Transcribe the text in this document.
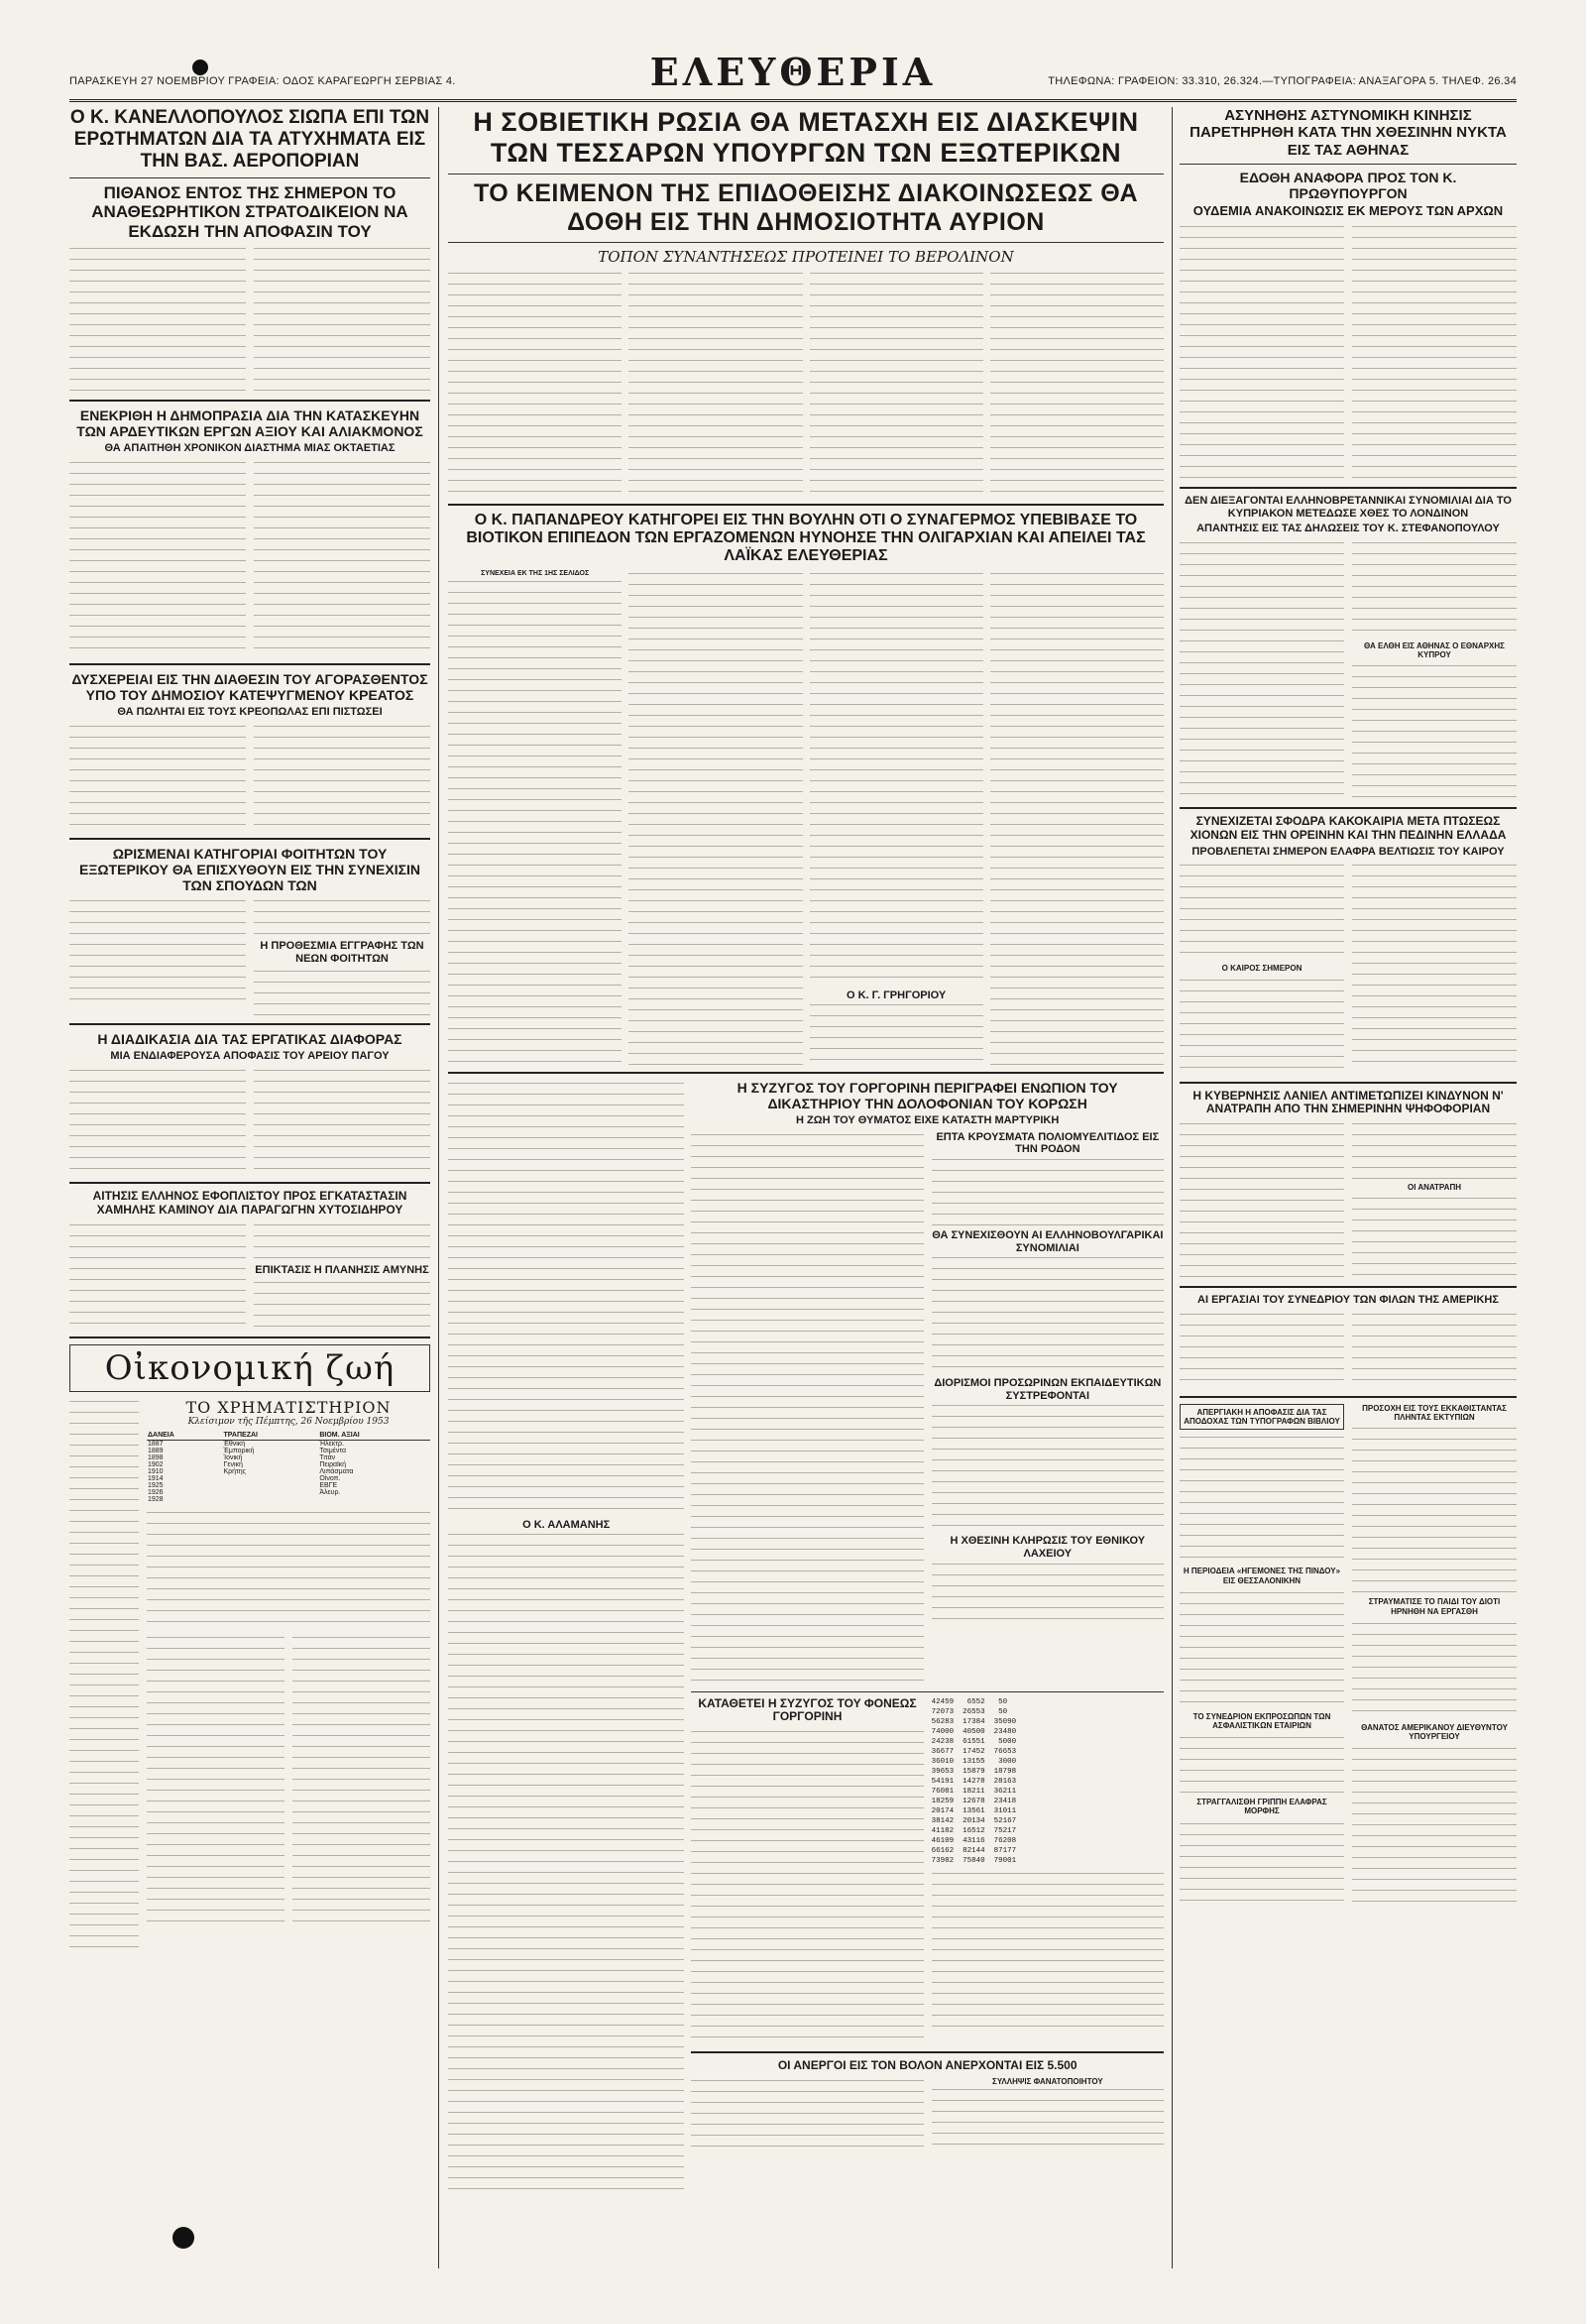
ΠΑΡΑΣΚΕΥΗ 27 ΝΟΕΜΒΡΙΟΥ ΓΡΑΦΕΙΑ: ΟΔΟΣ ΚΑΡΑΓΕΩΡΓΗ ΣΕΡΒΙΑΣ 4.	ΕΛΕΥΘΕΡΙΑ	ΤΗΛΕΦΩΝΑ: ΓΡΑΦΕΙΟΝ: 33.310, 26.324.—ΤΥΠΟΓΡΑΦΕΙΑ: ΑΝΑΞΑΓΟΡΑ 5. ΤΗΛΕΦ. 26.34

Ο Κ. ΚΑΝΕΛΛΟΠΟΥΛΟΣ ΣΙΩΠΑ ΕΠΙ ΤΩΝ ΕΡΩΤΗΜΑΤΩΝ ΔΙΑ ΤΑ ΑΤΥΧΗΜΑΤΑ ΕΙΣ ΤΗΝ ΒΑΣ. ΑΕΡΟΠΟΡΙΑΝ

ΠΙΘΑΝΟΣ ΕΝΤΟΣ ΤΗΣ ΣΗΜΕΡΟΝ ΤΟ ΑΝΑΘΕΩΡΗΤΙΚΟΝ ΣΤΡΑΤΟΔΙΚΕΙΟΝ ΝΑ ΕΚΔΩΣΗ ΤΗΝ ΑΠΟΦΑΣΙΝ ΤΟΥ

ΕΝΕΚΡΙΘΗ Η ΔΗΜΟΠΡΑΣΙΑ ΔΙΑ ΤΗΝ ΚΑΤΑΣΚΕΥΗΝ ΤΩΝ ΑΡΔΕΥΤΙΚΩΝ ΕΡΓΩΝ ΑΞΙΟΥ ΚΑΙ ΑΛΙΑΚΜΟΝΟΣ

ΘΑ ΑΠΑΙΤΗΘΗ ΧΡΟΝΙΚΟΝ ΔΙΑΣΤΗΜΑ ΜΙΑΣ ΟΚΤΑΕΤΙΑΣ

ΔΥΣΧΕΡΕΙΑΙ ΕΙΣ ΤΗΝ ΔΙΑΘΕΣΙΝ ΤΟΥ ΑΓΟΡΑΣΘΕΝΤΟΣ ΥΠΟ ΤΟΥ ΔΗΜΟΣΙΟΥ ΚΑΤΕΨΥΓΜΕΝΟΥ ΚΡΕΑΤΟΣ

ΘΑ ΠΩΛΗΤΑΙ ΕΙΣ ΤΟΥΣ ΚΡΕΟΠΩΛΑΣ ΕΠΙ ΠΙΣΤΩΣΕΙ

ΩΡΙΣΜΕΝΑΙ ΚΑΤΗΓΟΡΙΑΙ ΦΟΙΤΗΤΩΝ ΤΟΥ ΕΞΩΤΕΡΙΚΟΥ ΘΑ ΕΠΙΣΧΥΘΟΥΝ ΕΙΣ ΤΗΝ ΣΥΝΕΧΙΣΙΝ ΤΩΝ ΣΠΟΥΔΩΝ ΤΩΝ

Η ΠΡΟΘΕΣΜΙΑ ΕΓΓΡΑΦΗΣ ΤΩΝ ΝΕΩΝ ΦΟΙΤΗΤΩΝ

Η ΔΙΑΔΙΚΑΣΙΑ ΔΙΑ ΤΑΣ ΕΡΓΑΤΙΚΑΣ ΔΙΑΦΟΡΑΣ

ΜΙΑ ΕΝΔΙΑΦΕΡΟΥΣΑ ΑΠΟΦΑΣΙΣ ΤΟΥ ΑΡΕΙΟΥ ΠΑΓΟΥ

ΑΙΤΗΣΙΣ ΕΛΛΗΝΟΣ ΕΦΟΠΛΙΣΤΟΥ ΠΡΟΣ ΕΓΚΑΤΑΣΤΑΣΙΝ ΧΑΜΗΛΗΣ ΚΑΜΙΝΟΥ ΔΙΑ ΠΑΡΑΓΩΓΗΝ ΧΥΤΟΣΙΔΗΡΟΥ

ΕΠΙΚΤΑΣΙΣ Η ΠΛΑΝΗΣΙΣ ΑΜΥΝΗΣ

Οἰκονομική ζωή
ΤΟ ΧΡΗΜΑΤΙΣΤΗΡΙΟΝ
Κλείσιμον τῆς Πέμπτης, 26 Νοεμβρίου 1953
ΔΑΝΕΙΑ	ΤΡΑΠΕΖΑΙ	ΒΙΟΜ. ΑΞΙΑΙ
1887	Ἐθνική	Ἠλεκτρ.
1889	Ἐμπορική	Τσιμέντα
1898	Ἰονική	Τιτάν
1902	Γενική	Πειραϊκή
1910	Κρήτης	Λιπάσματα
1914		Οἰνοπ.
1925		ΕΒΓΕ
1926		Ἀλευρ.
1928		

Η ΣΟΒΙΕΤΙΚΗ ΡΩΣΙΑ ΘΑ ΜΕΤΑΣΧΗ ΕΙΣ ΔΙΑΣΚΕΨΙΝ ΤΩΝ ΤΕΣΣΑΡΩΝ ΥΠΟΥΡΓΩΝ ΤΩΝ ΕΞΩΤΕΡΙΚΩΝ

ΤΟ ΚΕΙΜΕΝΟΝ ΤΗΣ ΕΠΙΔΟΘΕΙΣΗΣ ΔΙΑΚΟΙΝΩΣΕΩΣ ΘΑ ΔΟΘΗ ΕΙΣ ΤΗΝ ΔΗΜΟΣΙΟΤΗΤΑ ΑΥΡΙΟΝ

ΤΟΠΟΝ ΣΥΝΑΝΤΗΣΕΩΣ ΠΡΟΤΕΙΝΕΙ ΤΟ ΒΕΡΟΛΙΝΟΝ

Ο Κ. ΠΑΠΑΝΔΡΕΟΥ ΚΑΤΗΓΟΡΕΙ ΕΙΣ ΤΗΝ ΒΟΥΛΗΝ ΟΤΙ Ο ΣΥΝΑΓΕΡΜΟΣ ΥΠΕΒΙΒΑΣΕ ΤΟ ΒΙΟΤΙΚΟΝ ΕΠΙΠΕΔΟΝ ΤΩΝ ΕΡΓΑΖΟΜΕΝΩΝ ΗΥΝΟΗΣΕ ΤΗΝ ΟΛΙΓΑΡΧΙΑΝ ΚΑΙ ΑΠΕΙΛΕΙ ΤΑΣ ΛΑΪΚΑΣ ΕΛΕΥΘΕΡΙΑΣ

ΣΥΝΕΧΕΙΑ ΕΚ ΤΗΣ 1ΗΣ ΣΕΛΙΔΟΣ

Ο Κ. Γ. ΓΡΗΓΟΡΙΟΥ

Ο Κ. ΑΛΑΜΑΝΗΣ

Η ΣΥΖΥΓΟΣ ΤΟΥ ΓΟΡΓΟΡΙΝΗ ΠΕΡΙΓΡΑΦΕΙ ΕΝΩΠΙΟΝ ΤΟΥ ΔΙΚΑΣΤΗΡΙΟΥ ΤΗΝ ΔΟΛΟΦΟΝΙΑΝ ΤΟΥ ΚΟΡΩΣΗ

Η ΖΩΗ ΤΟΥ ΘΥΜΑΤΟΣ ΕΙΧΕ ΚΑΤΑΣΤΗ ΜΑΡΤΥΡΙΚΗ

ΕΠΤΑ ΚΡΟΥΣΜΑΤΑ ΠΟΛΙΟΜΥΕΛΙΤΙΔΟΣ ΕΙΣ ΤΗΝ ΡΟΔΟΝ

ΘΑ ΣΥΝΕΧΙΣΘΟΥΝ ΑΙ ΕΛΛΗΝΟΒΟΥΛΓΑΡΙΚΑΙ ΣΥΝΟΜΙΛΙΑΙ

ΔΙΟΡΙΣΜΟΙ ΠΡΟΣΩΡΙΝΩΝ ΕΚΠΑΙΔΕΥΤΙΚΩΝ ΣΥΣΤΡΕΦΟΝΤΑΙ

Η ΧΘΕΣΙΝΗ ΚΛΗΡΩΣΙΣ ΤΟΥ ΕΘΝΙΚΟΥ ΛΑΧΕΙΟΥ

ΚΑΤΑΘΕΤΕΙ Η ΣΥΖΥΓΟΣ ΤΟΥ ΦΟΝΕΩΣ ΓΟΡΓΟΡΙΝΗ

42459   6552   50
72073  26553   50
56283  17384  35090
74000  40500  23480
24238  61551   5000
36677  17452  76653
36010  13155   3000
39653  15879  18798
54191  14278  28163
76081  18211  36211
18259  12678  23418
20174  13561  31011
38142  20134  52167
41182  16512  75217
46109  43116  76208
66162  82144  87177
73982  75840  79001

ΟΙ ΑΝΕΡΓΟΙ ΕΙΣ ΤΟΝ ΒΟΛΟΝ ΑΝΕΡΧΟΝΤΑΙ ΕΙΣ 5.500

ΣΥΛΛΗΨΙΣ ΦΑΝΑΤΟΠΟΙΗΤΟΥ

ΑΣΥΝΗΘΗΣ ΑΣΤΥΝΟΜΙΚΗ ΚΙΝΗΣΙΣ ΠΑΡΕΤΗΡΗΘΗ ΚΑΤΑ ΤΗΝ ΧΘΕΣΙΝΗΝ ΝΥΚΤΑ ΕΙΣ ΤΑΣ ΑΘΗΝΑΣ

ΕΔΟΘΗ ΑΝΑΦΟΡΑ ΠΡΟΣ ΤΟΝ Κ. ΠΡΩΘΥΠΟΥΡΓΟΝ

ΟΥΔΕΜΙΑ ΑΝΑΚΟΙΝΩΣΙΣ ΕΚ ΜΕΡΟΥΣ ΤΩΝ ΑΡΧΩΝ

ΔΕΝ ΔΙΕΞΑΓΟΝΤΑΙ ΕΛΛΗΝΟΒΡΕΤΑΝΝΙΚΑΙ ΣΥΝΟΜΙΛΙΑΙ ΔΙΑ ΤΟ ΚΥΠΡΙΑΚΟΝ ΜΕΤΕΔΩΣΕ ΧΘΕΣ ΤΟ ΛΟΝΔΙΝΟΝ

ΑΠΑΝΤΗΣΙΣ ΕΙΣ ΤΑΣ ΔΗΛΩΣΕΙΣ ΤΟΥ Κ. ΣΤΕΦΑΝΟΠΟΥΛΟΥ

ΘΑ ΕΛΘΗ ΕΙΣ ΑΘΗΝΑΣ Ο ΕΘΝΑΡΧΗΣ ΚΥΠΡΟΥ

ΣΥΝΕΧΙΖΕΤΑΙ ΣΦΟΔΡΑ ΚΑΚΟΚΑΙΡΙΑ ΜΕΤΑ ΠΤΩΣΕΩΣ ΧΙΟΝΩΝ ΕΙΣ ΤΗΝ ΟΡΕΙΝΗΝ ΚΑΙ ΤΗΝ ΠΕΔΙΝΗΝ ΕΛΛΑΔΑ

ΠΡΟΒΛΕΠΕΤΑΙ ΣΗΜΕΡΟΝ ΕΛΑΦΡΑ ΒΕΛΤΙΩΣΙΣ ΤΟΥ ΚΑΙΡΟΥ

Ο ΚΑΙΡΟΣ ΣΗΜΕΡΟΝ

Η ΚΥΒΕΡΝΗΣΙΣ ΛΑΝΙΕΛ ΑΝΤΙΜΕΤΩΠΙΖΕΙ ΚΙΝΔΥΝΟΝ Ν' ΑΝΑΤΡΑΠΗ ΑΠΟ ΤΗΝ ΣΗΜΕΡΙΝΗΝ ΨΗΦΟΦΟΡΙΑΝ

ΟΙ ΑΝΑΤΡΑΠΗ

ΑΙ ΕΡΓΑΣΙΑΙ ΤΟΥ ΣΥΝΕΔΡΙΟΥ ΤΩΝ ΦΙΛΩΝ ΤΗΣ ΑΜΕΡΙΚΗΣ

ΑΠΕΡΓΙΑΚΗ Η ΑΠΟΦΑΣΙΣ ΔΙΑ ΤΑΣ ΑΠΟΔΟΧΑΣ ΤΩΝ ΤΥΠΟΓΡΑΦΩΝ ΒΙΒΛΙΟΥ

Η ΠΕΡΙΟΔΕΙΑ «ΗΓΕΜΟΝΕΣ ΤΗΣ ΠΙΝΔΟΥ» ΕΙΣ ΘΕΣΣΑΛΟΝΙΚΗΝ

ΤΟ ΣΥΝΕΔΡΙΟΝ ΕΚΠΡΟΣΩΠΩΝ ΤΩΝ ΑΣΦΑΛΙΣΤΙΚΩΝ ΕΤΑΙΡΙΩΝ

ΣΤΡΑΓΓΑΛΙΣΘΗ ΓΡΙΠΠΗ ΕΛΑΦΡΑΣ ΜΟΡΦΗΣ

ΠΡΟΣΟΧΗ ΕΙΣ ΤΟΥΣ ΕΚΚΑΘΙΣΤΑΝΤΑΣ ΠΛΗΝΤΑΣ ΕΚΤΥΠΙΩΝ

ΣΤΡΑΥΜΑΤΙΣΕ ΤΟ ΠΑΙΔΙ ΤΟΥ ΔΙΟΤΙ ΗΡΝΗΘΗ ΝΑ ΕΡΓΑΣΘΗ

ΘΑΝΑΤΟΣ ΑΜΕΡΙΚΑΝΟΥ ΔΙΕΥΘΥΝΤΟΥ ΥΠΟΥΡΓΕΙΟΥ
